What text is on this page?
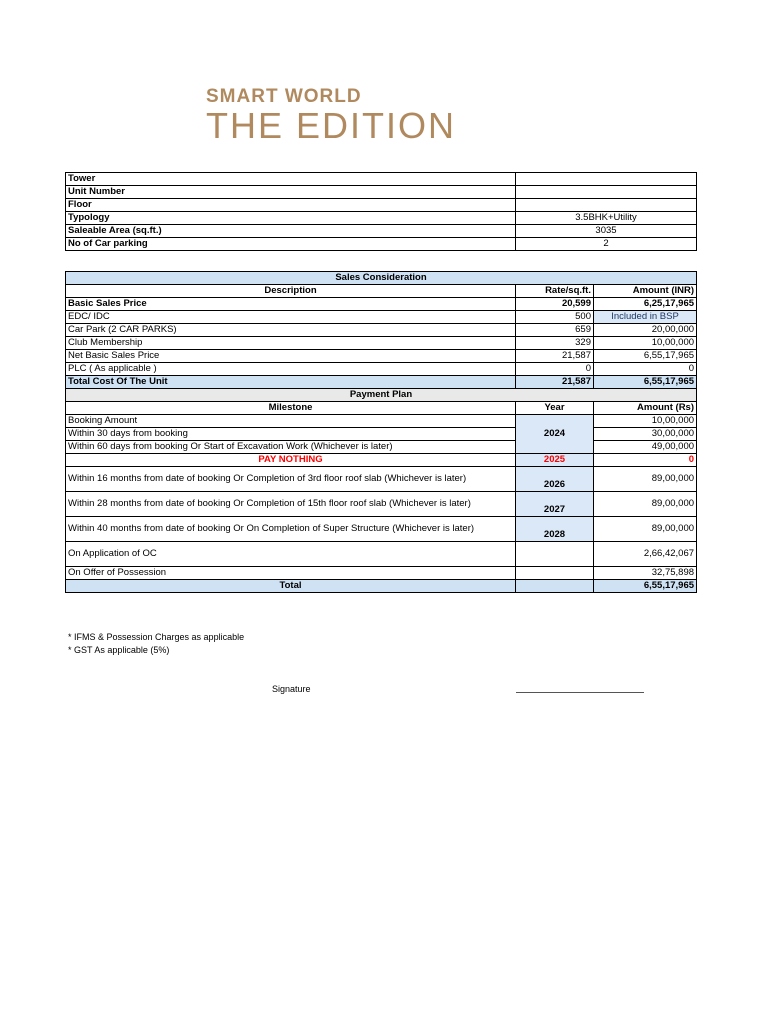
SMART WORLD
THE EDITION
Tower	
Unit Number	
Floor	
Typology	3.5BHK+Utility
Saleable Area (sq.ft.)	3035
No of Car parking	2
Sales Consideration		
Description	Rate/sq.ft.	Amount (INR)
Basic Sales Price	20,599	6,25,17,965
EDC/ IDC	500	Included in BSP
Car Park (2 CAR PARKS)	659	20,00,000
Club Membership	329	10,00,000
Net Basic Sales Price	21,587	6,55,17,965
PLC ( As applicable )	0	0
Total Cost Of The Unit	21,587	6,55,17,965
Payment Plan		
Milestone	Year	Amount (Rs)
Booking Amount	2024	10,00,000
Within 30 days from booking		30,00,000
Within 60 days from booking Or Start of Excavation Work (Whichever is later)		49,00,000
PAY NOTHING	2025	0
Within 16 months from date of booking Or Completion of 3rd floor roof slab (Whichever is later)	2026	89,00,000
Within 28 months from date of booking Or Completion of 15th floor roof slab (Whichever is later)	2027	89,00,000
Within 40 months from date of booking Or On Completion of Super Structure (Whichever is later)	2028	89,00,000
On Application of OC		2,66,42,067
On Offer of Possession		32,75,898
Total		6,55,17,965
* IFMS & Possession Charges as applicable
* GST As applicable (5%)
Signature
